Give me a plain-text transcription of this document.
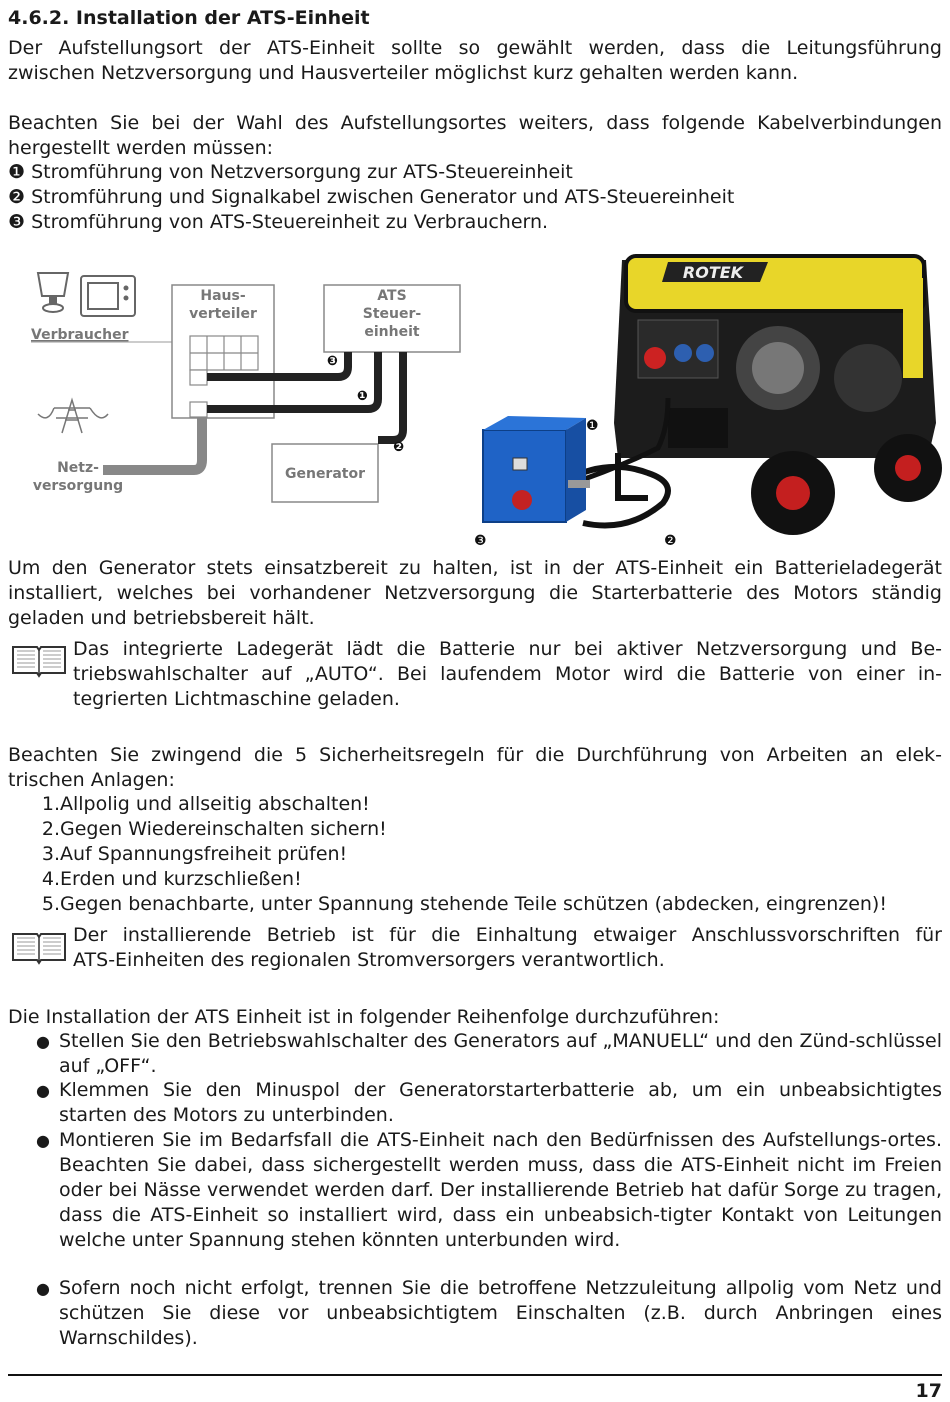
4.6.2. Installation der ATS-Einheit

Der Aufstellungsort der ATS-Einheit sollte so gewählt werden, dass die Leitungsführung

zwischen Netzversorgung und Hausverteiler möglichst kurz gehalten werden kann.

Beachten Sie bei der Wahl des Aufstellungsortes weiters, dass folgende Kabelverbindungen

hergestellt werden müssen:

❶ Stromführung von Netzversorgung zur ATS-Steuereinheit
❷ Stromführung und Signalkabel zwischen Generator und ATS-Steuereinheit
❸ Stromführung von ATS-Steuereinheit zu Verbrauchern.
Verbraucher
Haus-
verteiler
ATS
Steuer-
einheit
Generator
Netz-
versorgung
❸
❶
❷
ROTEK
❶
❷
❸

Um den Generator stets einsatzbereit zu halten, ist in der ATS-Einheit ein Batterieladegerät

installiert, welches bei vorhandener Netzversorgung die Starterbatterie des Motors ständig

geladen und betriebsbereit hält.

Das integrierte Ladegerät lädt die Batterie nur bei aktiver Netzversorgung und Be-
triebswahlschalter auf „AUTO“. Bei laufendem Motor wird die Batterie von einer in-
tegrierten Lichtmaschine geladen.

Beachten Sie zwingend die 5 Sicherheitsregeln für die Durchführung von Arbeiten an elek-

trischen Anlagen:

1. Allpolig und allseitig abschalten!
2. Gegen Wiedereinschalten sichern!
3. Auf Spannungsfreiheit prüfen!
4. Erden und kurzschließen!
5. Gegen benachbarte, unter Spannung stehende Teile schützen (abdecken, eingrenzen)!
Der installierende Betrieb ist für die Einhaltung etwaiger Anschlussvorschriften für
ATS-Einheiten des regionalen Stromversorgers verantwortlich.

Die Installation der ATS Einheit ist in folgender Reihenfolge durchzuführen:

● Stellen Sie den Betriebswahlschalter des Generators auf „MANUELL“ und den Zünd-schlüssel auf „OFF“.
● Klemmen Sie den Minuspol der Generatorstarterbatterie ab, um ein unbeabsichtigtes starten des Motors zu unterbinden.
● Montieren Sie im Bedarfsfall die ATS-Einheit nach den Bedürfnissen des Aufstellungs-ortes. Beachten Sie dabei, dass sichergestellt werden muss, dass die ATS-Einheit nicht im Freien oder bei Nässe verwendet werden darf. Der installierende Betrieb hat dafür Sorge zu tragen, dass die ATS-Einheit so installiert wird, dass ein unbeabsich-tigter Kontakt von Leitungen welche unter Spannung stehen könnten unterbunden wird.
● Sofern noch nicht erfolgt, trennen Sie die betroffene Netzzuleitung allpolig vom Netz und schützen Sie diese vor unbeabsichtigtem Einschalten (z.B. durch Anbringen eines Warnschildes).
17
